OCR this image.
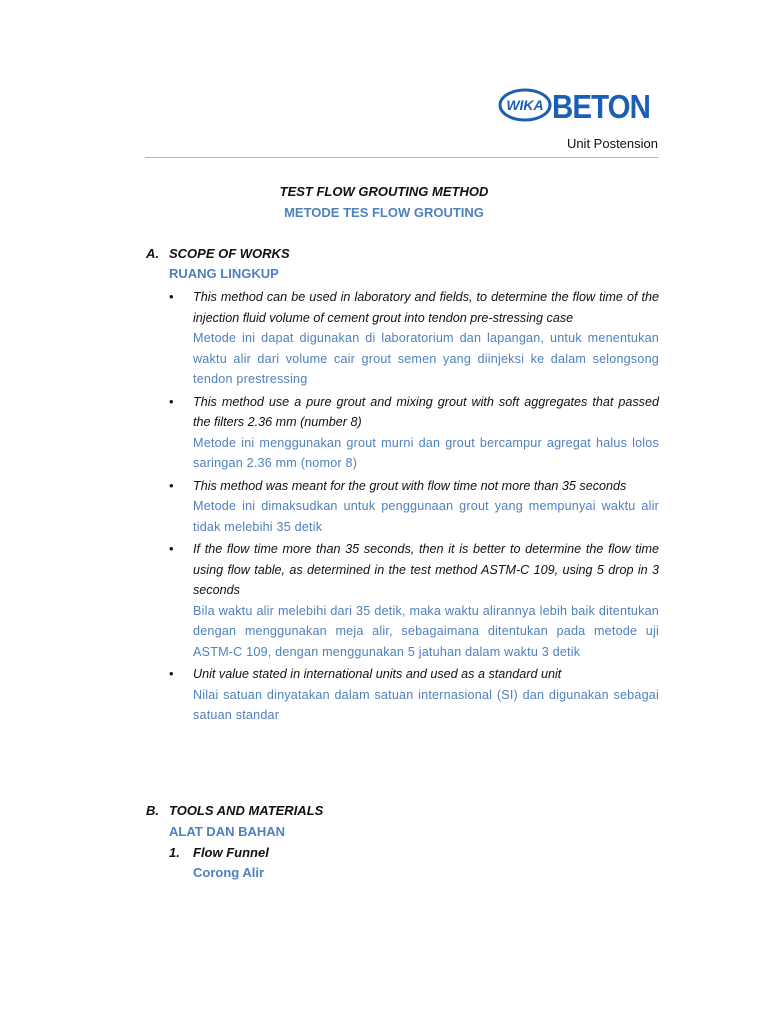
WIKA BETON
Unit Postension
TEST FLOW GROUTING METHOD
METODE TES FLOW GROUTING
A. SCOPE OF WORKS
RUANG LINGKUP
• This method can be used in laboratory and fields, to determine the flow time of the injection fluid volume of cement grout into tendon pre-stressing case
Metode ini dapat digunakan di laboratorium dan lapangan, untuk menentukan waktu alir dari volume cair grout semen yang diinjeksi ke dalam selongsong tendon prestressing
• This method use a pure grout and mixing grout with soft aggregates that passed the filters 2.36 mm (number 8)
Metode ini menggunakan grout murni dan grout bercampur agregat halus lolos saringan 2.36 mm (nomor 8)
• This method was meant for the grout with flow time not more than 35 seconds
Metode ini dimaksudkan untuk penggunaan grout yang mempunyai waktu alir tidak melebihi 35 detik
• If the flow time more than 35 seconds, then it is better to determine the flow time using flow table, as determined in the test method ASTM-C 109, using 5 drop in 3 seconds
Bila waktu alir melebihi dari 35 detik, maka waktu alirannya lebih baik ditentukan dengan menggunakan meja alir, sebagaimana ditentukan pada metode uji ASTM-C 109, dengan menggunakan 5 jatuhan dalam waktu 3 detik
• Unit value stated in international units and used as a standard unit
Nilai satuan dinyatakan dalam satuan internasional (SI) dan digunakan sebagai satuan standar
B. TOOLS AND MATERIALS
ALAT DAN BAHAN
1. Flow Funnel
Corong Alir
